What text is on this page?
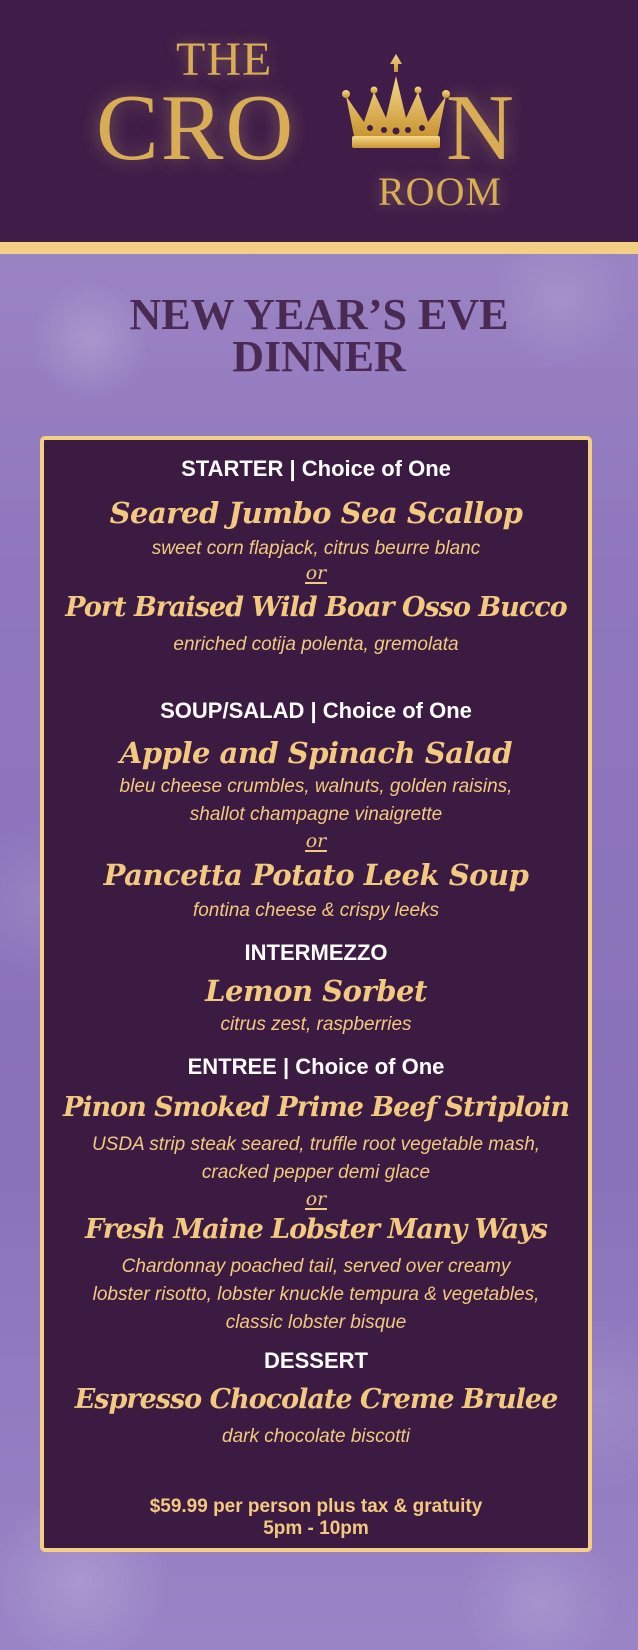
THE
CRO N
ROOM
NEW YEAR’S EVE
DINNER
STARTER | Choice of One
Seared Jumbo Sea Scallop
sweet corn flapjack, citrus beurre blanc
or
Port Braised Wild Boar Osso Bucco
enriched cotija polenta, gremolata
SOUP/SALAD | Choice of One
Apple and Spinach Salad
bleu cheese crumbles, walnuts, golden raisins,
shallot champagne vinaigrette
or
Pancetta Potato Leek Soup
fontina cheese & crispy leeks
INTERMEZZO
Lemon Sorbet
citrus zest, raspberries
ENTREE | Choice of One
Pinon Smoked Prime Beef Striploin
USDA strip steak seared, truffle root vegetable mash,
cracked pepper demi glace
or
Fresh Maine Lobster Many Ways
Chardonnay poached tail, served over creamy
lobster risotto, lobster knuckle tempura & vegetables,
classic lobster bisque
DESSERT
Espresso Chocolate Creme Brulee
dark chocolate biscotti
$59.99 per person plus tax & gratuity
5pm - 10pm
